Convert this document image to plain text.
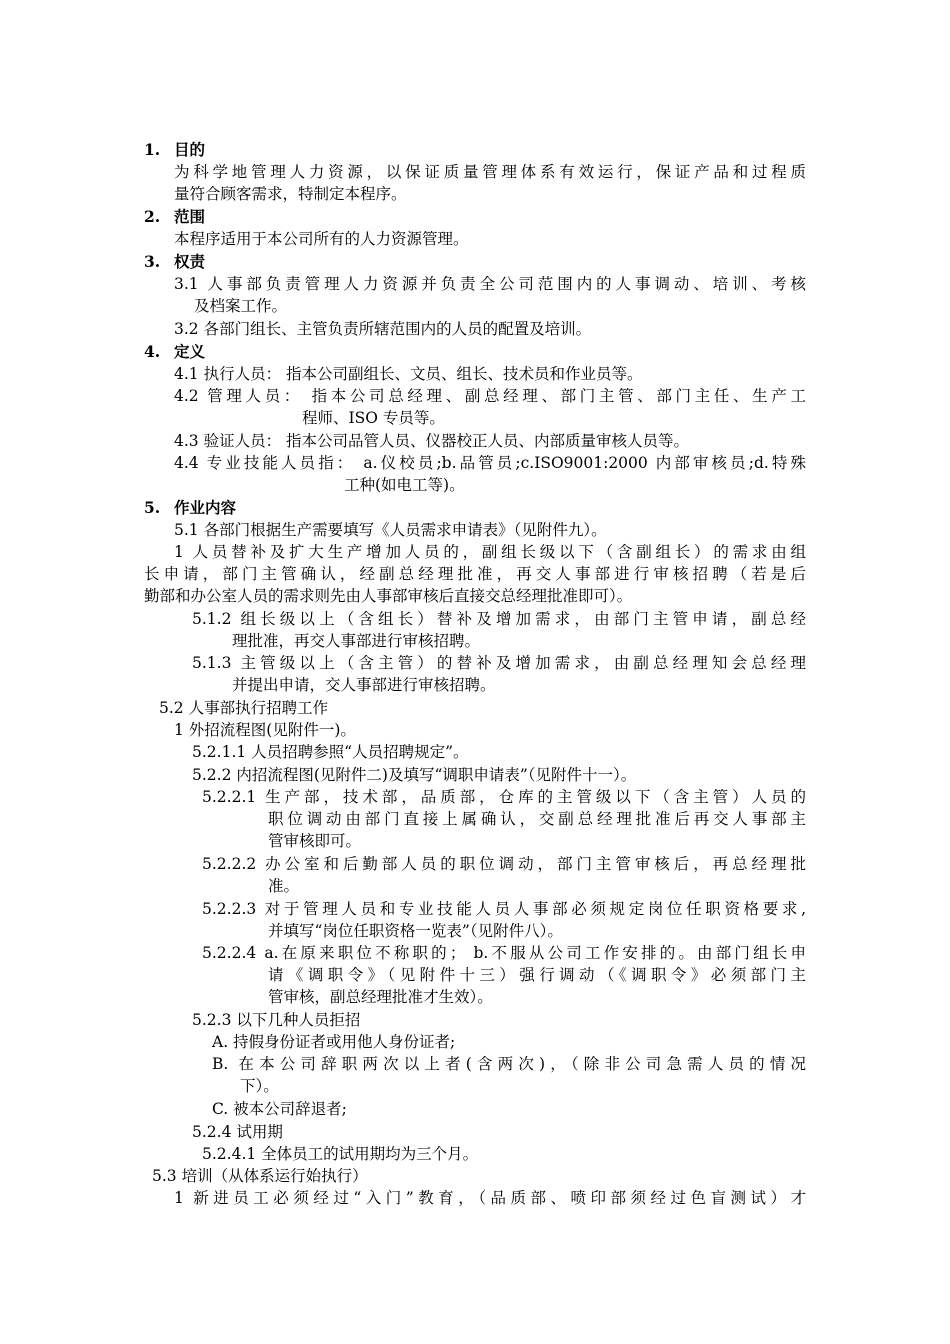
1. 目的
为科学地管理人力资源，以保证质量管理体系有效运行，保证产品和过程质
量符合顾客需求，特制定本程序。
2. 范围
本程序适用于本公司所有的人力资源管理。
3. 权责
3.1 人事部负责管理人力资源并负责全公司范围内的人事调动、培训、考核
及档案工作。
3.2 各部门组长、主管负责所辖范围内的人员的配置及培训。
4. 定义
4.1 执行人员： 指本公司副组长、文员、组长、技术员和作业员等。
4.2 管理人员： 指本公司总经理、副总经理、部门主管、部门主任、生产工
程师、ISO 专员等。
4.3 验证人员： 指本公司品管人员、仪器校正人员、内部质量审核人员等。
4.4 专业技能人员指： a.仪校员;b.品管员;c.ISO9001:2000 内部审核员;d.特殊
工种(如电工等)。
5. 作业内容
5.1 各部门根据生产需要填写《人员需求申请表》（见附件九）。
1 人员替补及扩大生产增加人员的，副组长级以下（含副组长）的需求由组
长申请，部门主管确认，经副总经理批准，再交人事部进行审核招聘（若是后
勤部和办公室人员的需求则先由人事部审核后直接交总经理批准即可）。
5.1.2 组长级以上（含组长）替补及增加需求，由部门主管申请，副总经
理批准，再交人事部进行审核招聘。
5.1.3 主管级以上（含主管）的替补及增加需求，由副总经理知会总经理
并提出申请，交人事部进行审核招聘。
5.2 人事部执行招聘工作
1 外招流程图(见附件一)。
5.2.1.1 人员招聘参照“人员招聘规定”。
5.2.2 内招流程图(见附件二)及填写“调职申请表”（见附件十一）。
5.2.2.1 生产部，技术部，品质部，仓库的主管级以下（含主管）人员的
职位调动由部门直接上属确认，交副总经理批准后再交人事部主
管审核即可。
5.2.2.2 办公室和后勤部人员的职位调动，部门主管审核后，再总经理批
准。
5.2.2.3 对于管理人员和专业技能人员人事部必须规定岗位任职资格要求,
并填写“岗位任职资格一览表”（见附件八）。
5.2.2.4 a.在原来职位不称职的； b.不服从公司工作安排的。由部门组长申
请《调职令》（见附件十三）强行调动（《调职令》必须部门主
管审核，副总经理批准才生效）。
5.2.3 以下几种人员拒招
A. 持假身份证者或用他人身份证者;
B. 在本公司辞职两次以上者(含两次)，（除非公司急需人员的情况
下）。
C. 被本公司辞退者;
5.2.4 试用期
5.2.4.1 全体员工的试用期均为三个月。
5.3 培训（从体系运行始执行）
1 新进员工必须经过“入门”教育，（品质部、喷印部须经过色盲测试）才
